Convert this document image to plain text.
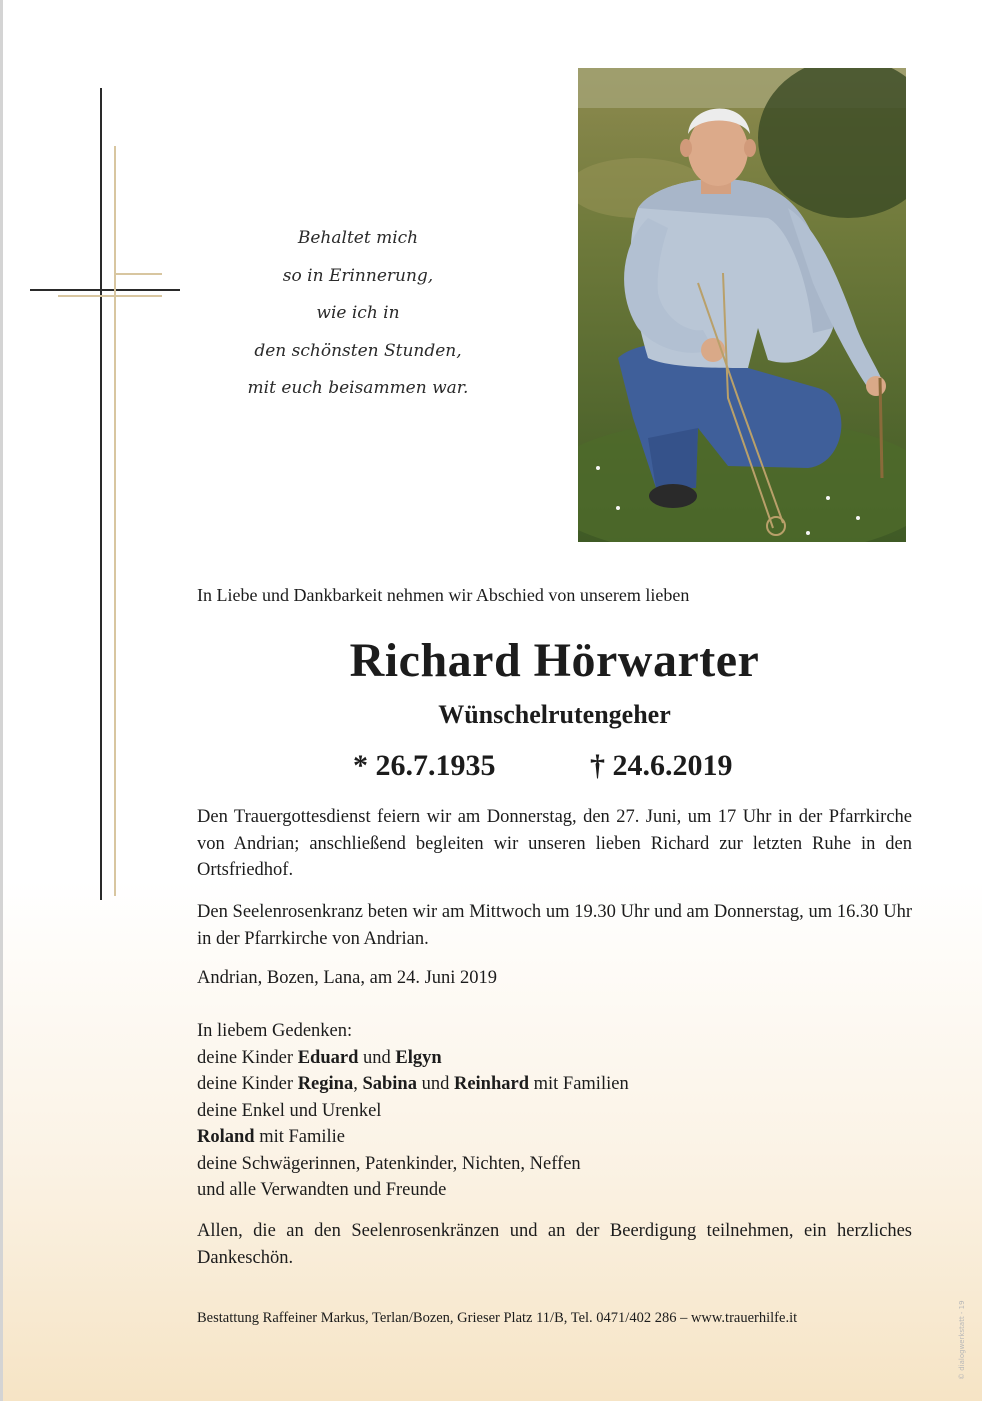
Behaltet mich
so in Erinnerung,
wie ich in
den schönsten Stunden,
mit euch beisammen war.
In Liebe und Dankbarkeit nehmen wir Abschied von unserem lieben
Richard Hörwarter
Wünschelrutengeher
* 26.7.1935	† 24.6.2019
Den Trauergottesdienst feiern wir am Donnerstag, den 27. Juni, um 17 Uhr in der Pfarrkirche von Andrian; anschließend begleiten wir unseren lieben Richard zur letzten Ruhe in den Ortsfriedhof.
Den Seelenrosenkranz beten wir am Mittwoch um 19.30 Uhr und am Donnerstag, um 16.30 Uhr in der Pfarrkirche von Andrian.
Andrian, Bozen, Lana, am 24. Juni 2019
In liebem Gedenken:
deine Kinder Eduard und Elgyn
deine Kinder Regina, Sabina und Reinhard mit Familien
deine Enkel und Urenkel
Roland mit Familie
deine Schwägerinnen, Patenkinder, Nichten, Neffen
und alle Verwandten und Freunde
Allen, die an den Seelenrosenkränzen und an der Beerdigung teilnehmen, ein herzliches Dankeschön.
Bestattung Raffeiner Markus, Terlan/Bozen, Grieser Platz 11/B, Tel. 0471/402 286 – www.trauerhilfe.it	© dialogwerkstatt - 19
